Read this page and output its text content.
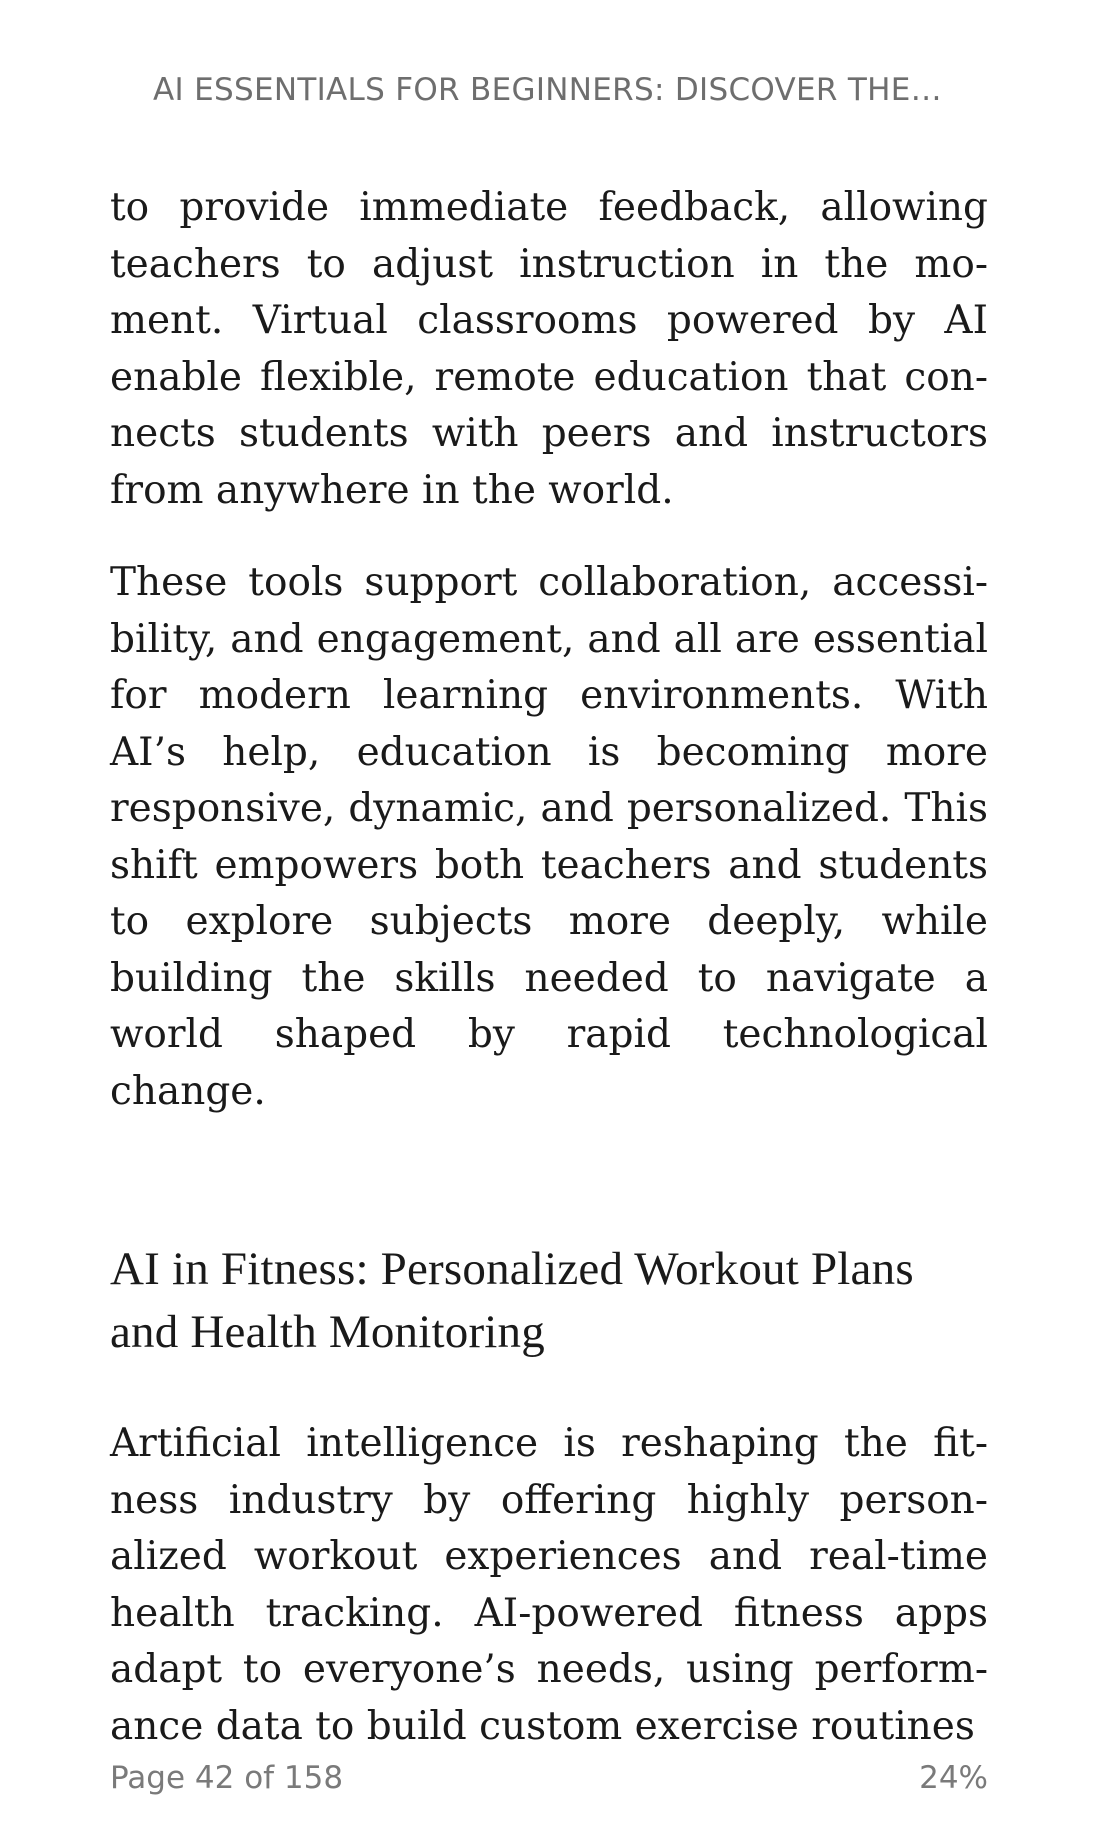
AI ESSENTIALS FOR BEGINNERS: DISCOVER THE…

to provide immediate feedback, allowing teachers to adjust instruction in the moment. Virtual classrooms powered by AI enable flexible, remote education that connects students with peers and instructors from anywhere in the world.

These tools support collaboration, accessibility, and engagement, and all are essential for modern learning environments. With AI’s help, education is becoming more responsive, dynamic, and personalized. This shift empowers both teachers and students to explore subjects more deeply, while building the skills needed to navigate a world shaped by rapid technological change.

AI in Fitness: Personalized Workout Plans and Health Monitoring

Artificial intelligence is reshaping the fitness industry by offering highly personalized workout experiences and real-time health tracking. AI-powered fitness apps adapt to everyone’s needs, using performance data to build custom exercise routines

Page 42 of 158	24%
